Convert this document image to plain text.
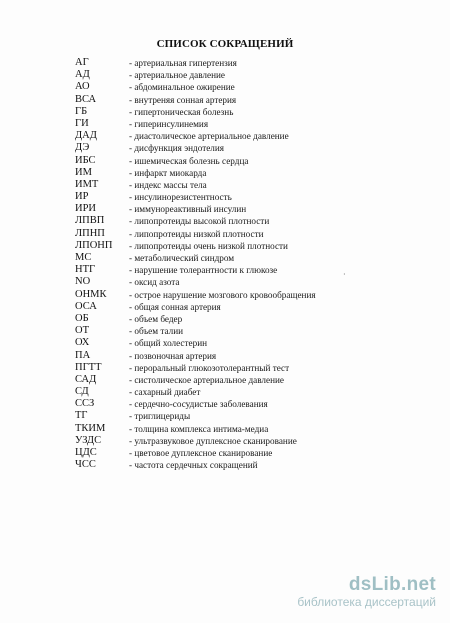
СПИСОК СОКРАЩЕНИЙ
АГ	- артериальная гипертензия
АД	- артериальное давление
АО	- абдоминальное ожирение
ВСА	- внутреняя сонная артерия
ГБ	- гипертоническая болезнь
ГИ	- гиперинсулинемия
ДАД	- диастолическое артериальное давление
ДЭ	- дисфункция эндотелия
ИБС	- ишемическая болезнь сердца
ИМ	- инфаркт миокарда
ИМТ	- индекс массы тела
ИР	- инсулинорезистентность
ИРИ	- иммунореактивный инсулин
ЛПВП	- липопротеиды высокой плотности
ЛПНП	- липопротеиды низкой плотности
ЛПОНП	- липопротеиды очень низкой плотности
МС	- метаболический синдром
НТГ	- нарушение толерантности к глюкозе
NO	- оксид азота
ОНМК	- острое нарушение мозгового кровообращения
ОСА	- общая сонная артерия
ОБ	- объем бедер
ОТ	- объем талии
ОХ	- общий холестерин
ПА	- позвоночная артерия
ПГТТ	- пероральный глюкозотолерантный тест
САД	- систолическое артериальное давление
СД	- сахарный диабет
ССЗ	- сердечно-сосудистые заболевания
ТГ	- триглицериды
ТКИМ	- толщина комплекса интима-медиа
УЗДС	- ультразвуковое дуплексное сканирование
ЦДС	- цветовое дуплексное сканирование
ЧСС	- частота сердечных сокращений
·
dsLib.net
библиотека диссертаций
